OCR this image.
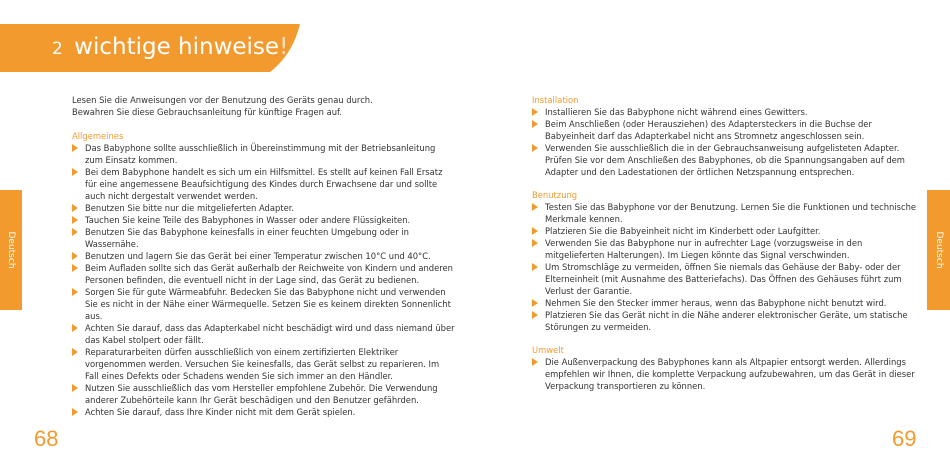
2 wichtige hinweise!
Deutsch	Deutsch
Lesen Sie die Anweisungen vor der Benutzung des Geräts genau durch.
Bewahren Sie diese Gebrauchsanleitung für künftige Fragen auf.
Allgemeines
Das Babyphone sollte ausschließlich in Übereinstimmung mit der Betriebsanleitung
zum Einsatz kommen.
Bei dem Babyphone handelt es sich um ein Hilfsmittel. Es stellt auf keinen Fall Ersatz
für eine angemessene Beaufsichtigung des Kindes durch Erwachsene dar und sollte
auch nicht dergestalt verwendet werden.
Benutzen Sie bitte nur die mitgelieferten Adapter.
Tauchen Sie keine Teile des Babyphones in Wasser oder andere Flüssigkeiten.
Benutzen Sie das Babyphone keinesfalls in einer feuchten Umgebung oder in
Wassernähe.
Benutzen und lagern Sie das Gerät bei einer Temperatur zwischen 10°C und 40°C.
Beim Aufladen sollte sich das Gerät außerhalb der Reichweite von Kindern und anderen
Personen befinden, die eventuell nicht in der Lage sind, das Gerät zu bedienen.
Sorgen Sie für gute Wärmeabfuhr. Bedecken Sie das Babyphone nicht und verwenden
Sie es nicht in der Nähe einer Wärmequelle. Setzen Sie es keinem direkten Sonnenlicht
aus.
Achten Sie darauf, dass das Adapterkabel nicht beschädigt wird und dass niemand über
das Kabel stolpert oder fällt.
Reparaturarbeiten dürfen ausschließlich von einem zertifizierten Elektriker
vorgenommen werden. Versuchen Sie keinesfalls, das Gerät selbst zu reparieren. Im
Fall eines Defekts oder Schadens wenden Sie sich immer an den Händler.
Nutzen Sie ausschließlich das vom Hersteller empfohlene Zubehör. Die Verwendung
anderer Zubehörteile kann Ihr Gerät beschädigen und den Benutzer gefährden.
Achten Sie darauf, dass Ihre Kinder nicht mit dem Gerät spielen.
Installation
Installieren Sie das Babyphone nicht während eines Gewitters.
Beim Anschließen (oder Herausziehen) des Adaptersteckers in die Buchse der
Babyeinheit darf das Adapterkabel nicht ans Stromnetz angeschlossen sein.
Verwenden Sie ausschließlich die in der Gebrauchsanweisung aufgelisteten Adapter.
Prüfen Sie vor dem Anschließen des Babyphones, ob die Spannungsangaben auf dem
Adapter und den Ladestationen der örtlichen Netzspannung entsprechen.
Benutzung
Testen Sie das Babyphone vor der Benutzung. Lernen Sie die Funktionen und technische
Merkmale kennen.
Platzieren Sie die Babyeinheit nicht im Kinderbett oder Laufgitter.
Verwenden Sie das Babyphone nur in aufrechter Lage (vorzugsweise in den
mitgelieferten Halterungen). Im Liegen könnte das Signal verschwinden.
Um Stromschläge zu vermeiden, öffnen Sie niemals das Gehäuse der Baby- oder der
Elterneinheit (mit Ausnahme des Batteriefachs). Das Öffnen des Gehäuses führt zum
Verlust der Garantie.
Nehmen Sie den Stecker immer heraus, wenn das Babyphone nicht benutzt wird.
Platzieren Sie das Gerät nicht in die Nähe anderer elektronischer Geräte, um statische
Störungen zu vermeiden.
Umwelt
Die Außenverpackung des Babyphones kann als Altpapier entsorgt werden. Allerdings
empfehlen wir Ihnen, die komplette Verpackung aufzubewahren, um das Gerät in dieser
Verpackung transportieren zu können.
68	69
